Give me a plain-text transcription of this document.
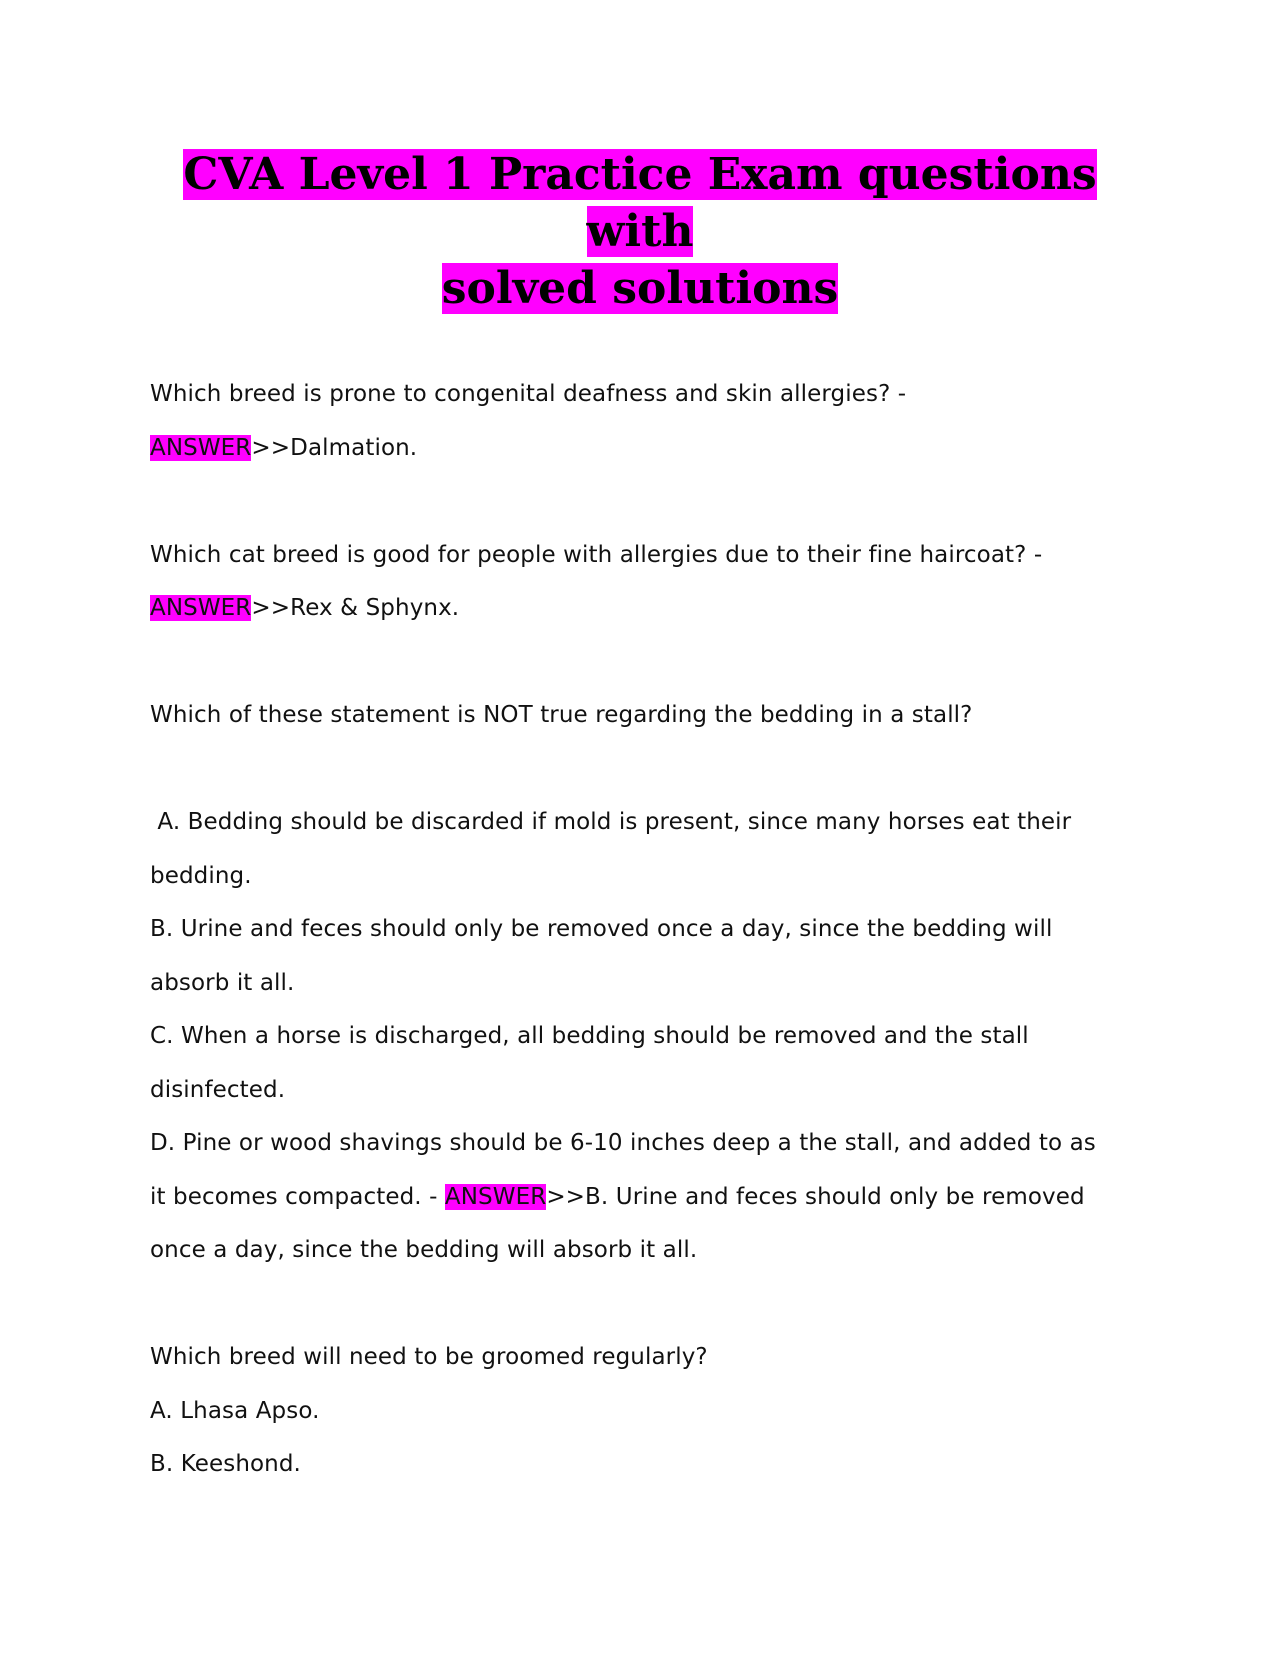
CVA Level 1 Practice Exam questions with
solved solutions

Which breed is prone to congenital deafness and skin allergies? -

ANSWER>>Dalmation.

Which cat breed is good for people with allergies due to their fine haircoat? -

ANSWER>>Rex & Sphynx.

Which of these statement is NOT true regarding the bedding in a stall?

A. Bedding should be discarded if mold is present, since many horses eat their

bedding.

B. Urine and feces should only be removed once a day, since the bedding will

absorb it all.

C. When a horse is discharged, all bedding should be removed and the stall

disinfected.

D. Pine or wood shavings should be 6-10 inches deep a the stall, and added to as

it becomes compacted. - ANSWER>>B. Urine and feces should only be removed

once a day, since the bedding will absorb it all.

Which breed will need to be groomed regularly?

A. Lhasa Apso.

B. Keeshond.
